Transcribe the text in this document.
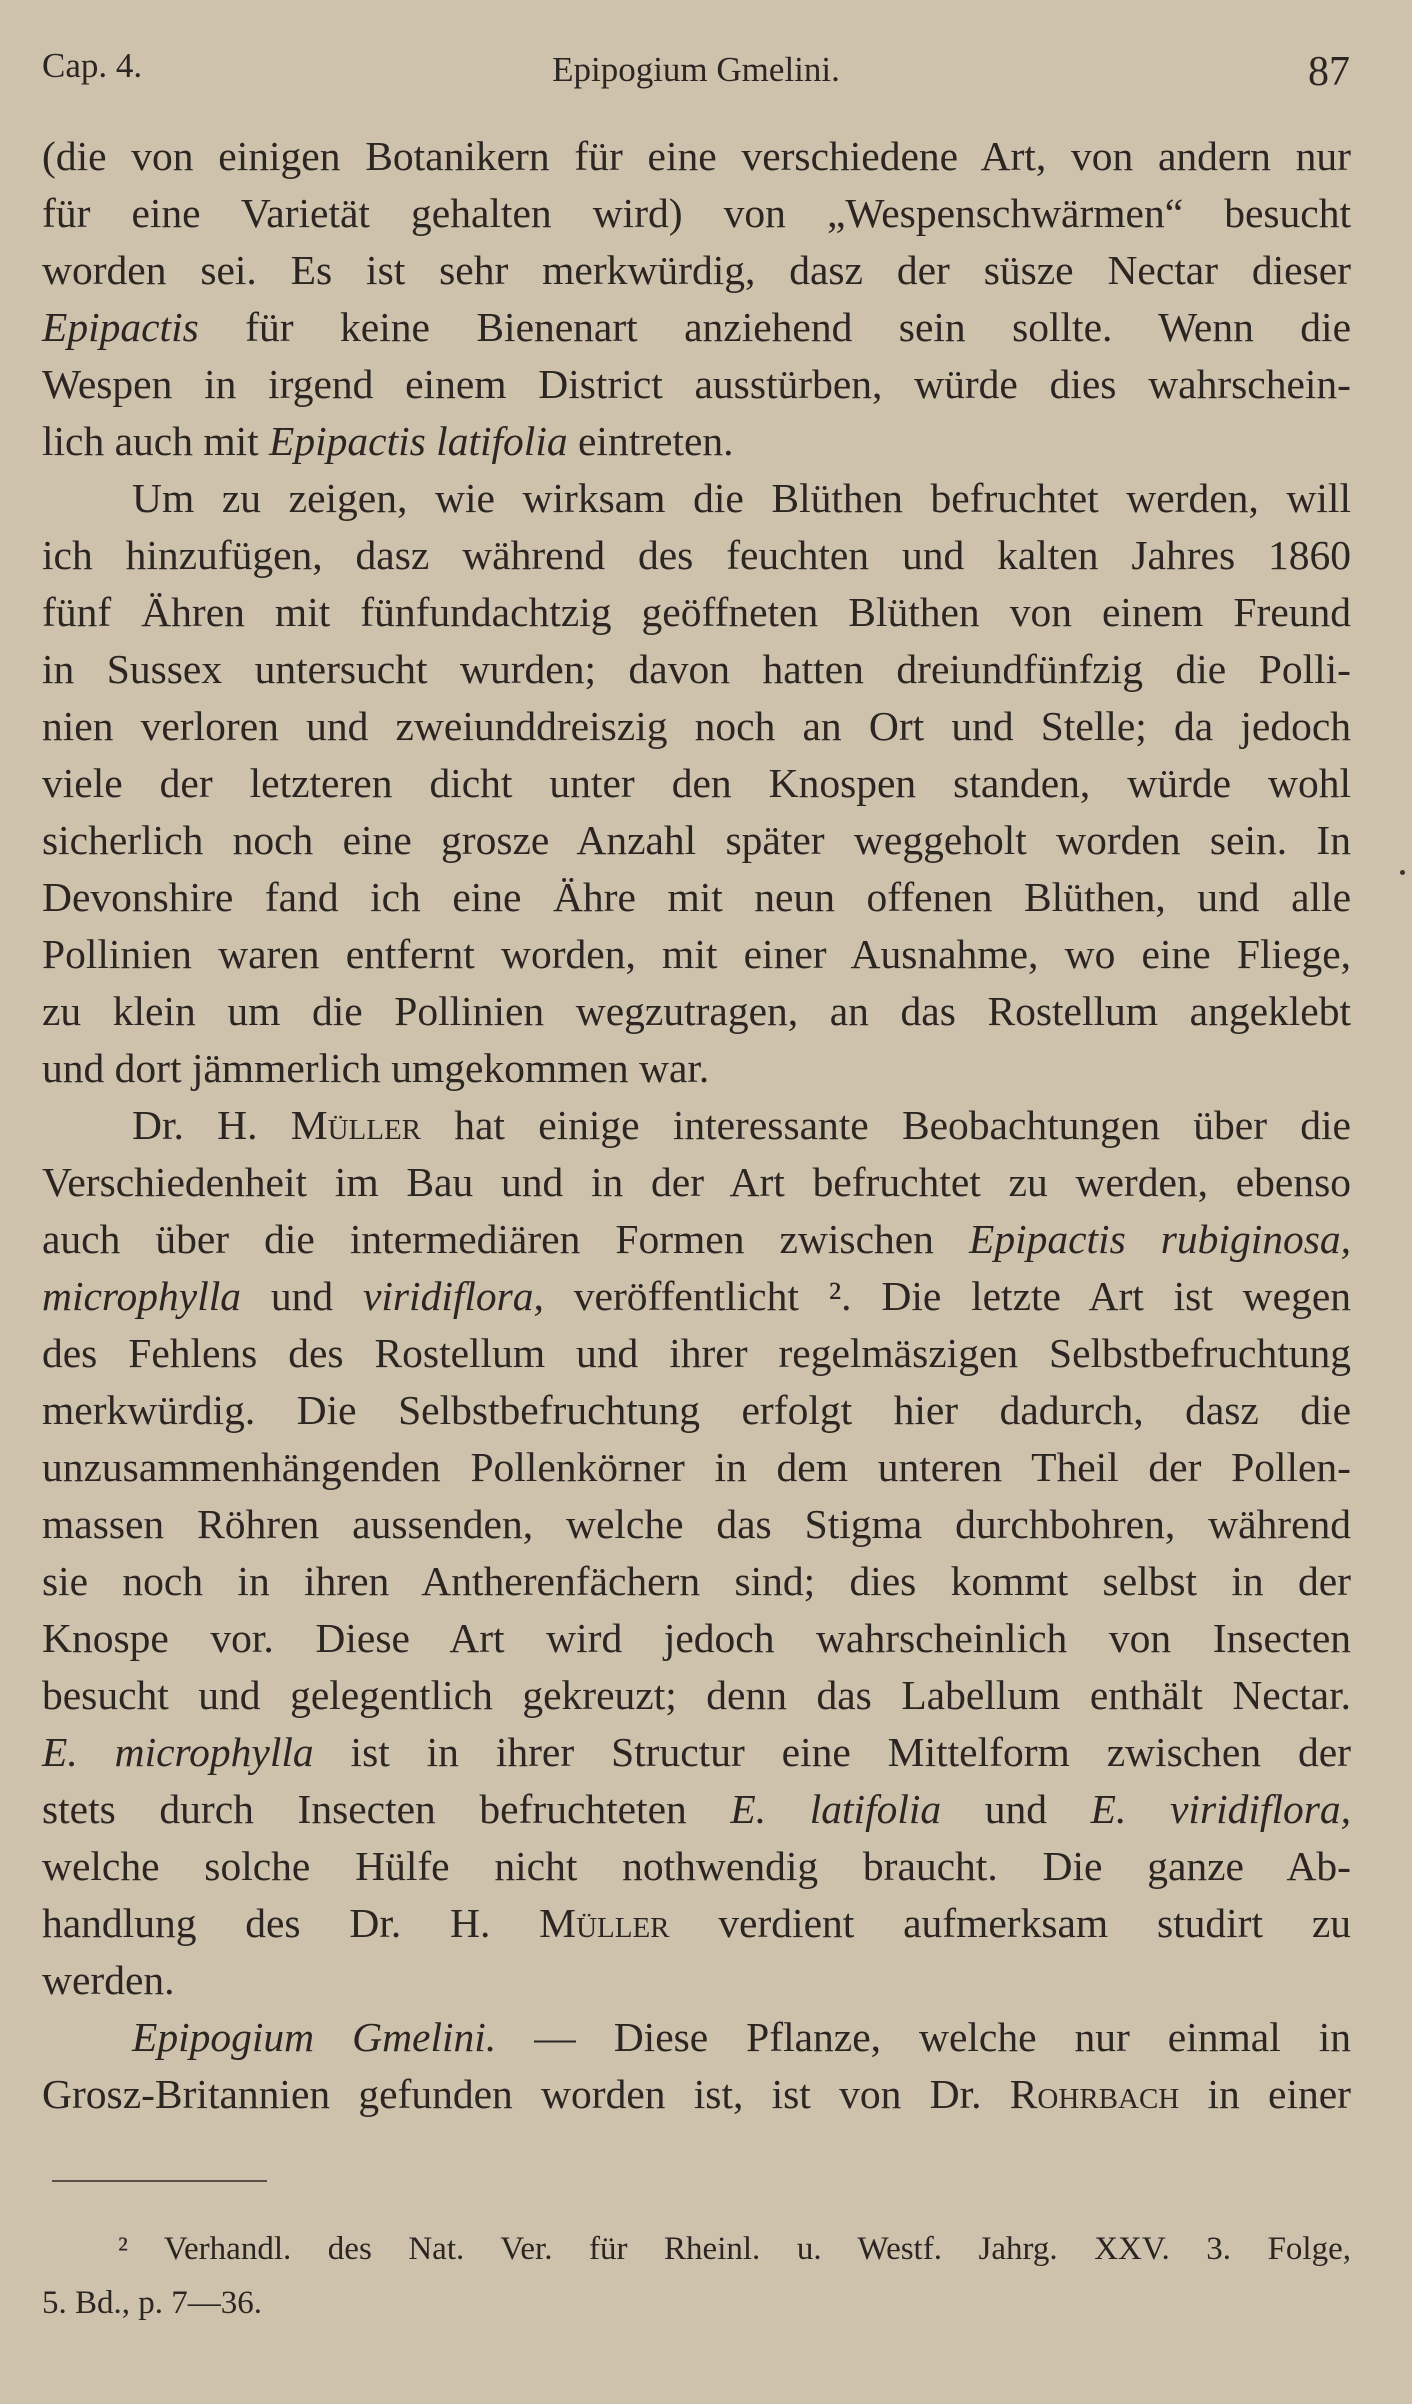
Cap. 4.	Epipogium Gmelini.	87
(die von einigen Botanikern für eine verschiedene Art, von andern nur
für eine Varietät gehalten wird) von „Wespenschwärmen“ besucht
worden sei. Es ist sehr merkwürdig, dasz der süsze Nectar dieser
Epipactis für keine Bienenart anziehend sein sollte. Wenn die
Wespen in irgend einem District ausstürben, würde dies wahrschein-
lich auch mit Epipactis latifolia eintreten.
Um zu zeigen, wie wirksam die Blüthen befruchtet werden, will
ich hinzufügen, dasz während des feuchten und kalten Jahres 1860
fünf Ähren mit fünfundachtzig geöffneten Blüthen von einem Freund
in Sussex untersucht wurden; davon hatten dreiundfünfzig die Polli-
nien verloren und zweiunddreiszig noch an Ort und Stelle; da jedoch
viele der letzteren dicht unter den Knospen standen, würde wohl
sicherlich noch eine grosze Anzahl später weggeholt worden sein. In
Devonshire fand ich eine Ähre mit neun offenen Blüthen, und alle
Pollinien waren entfernt worden, mit einer Ausnahme, wo eine Fliege,
zu klein um die Pollinien wegzutragen, an das Rostellum angeklebt
und dort jämmerlich umgekommen war.
Dr. H. Müller hat einige interessante Beobachtungen über die
Verschiedenheit im Bau und in der Art befruchtet zu werden, ebenso
auch über die intermediären Formen zwischen Epipactis rubiginosa,
microphylla und viridiflora, veröffentlicht ². Die letzte Art ist wegen
des Fehlens des Rostellum und ihrer regelmäszigen Selbstbefruchtung
merkwürdig. Die Selbstbefruchtung erfolgt hier dadurch, dasz die
unzusammenhängenden Pollenkörner in dem unteren Theil der Pollen-
massen Röhren aussenden, welche das Stigma durchbohren, während
sie noch in ihren Antherenfächern sind; dies kommt selbst in der
Knospe vor. Diese Art wird jedoch wahrscheinlich von Insecten
besucht und gelegentlich gekreuzt; denn das Labellum enthält Nectar.
E. microphylla ist in ihrer Structur eine Mittelform zwischen der
stets durch Insecten befruchteten E. latifolia und E. viridiflora,
welche solche Hülfe nicht nothwendig braucht. Die ganze Ab-
handlung des Dr. H. Müller verdient aufmerksam studirt zu
werden.
Epipogium Gmelini. — Diese Pflanze, welche nur einmal in
Grosz-Britannien gefunden worden ist, ist von Dr. Rohrbach in einer
² Verhandl. des Nat. Ver. für Rheinl. u. Westf. Jahrg. XXV. 3. Folge,
5. Bd., p. 7—36.
